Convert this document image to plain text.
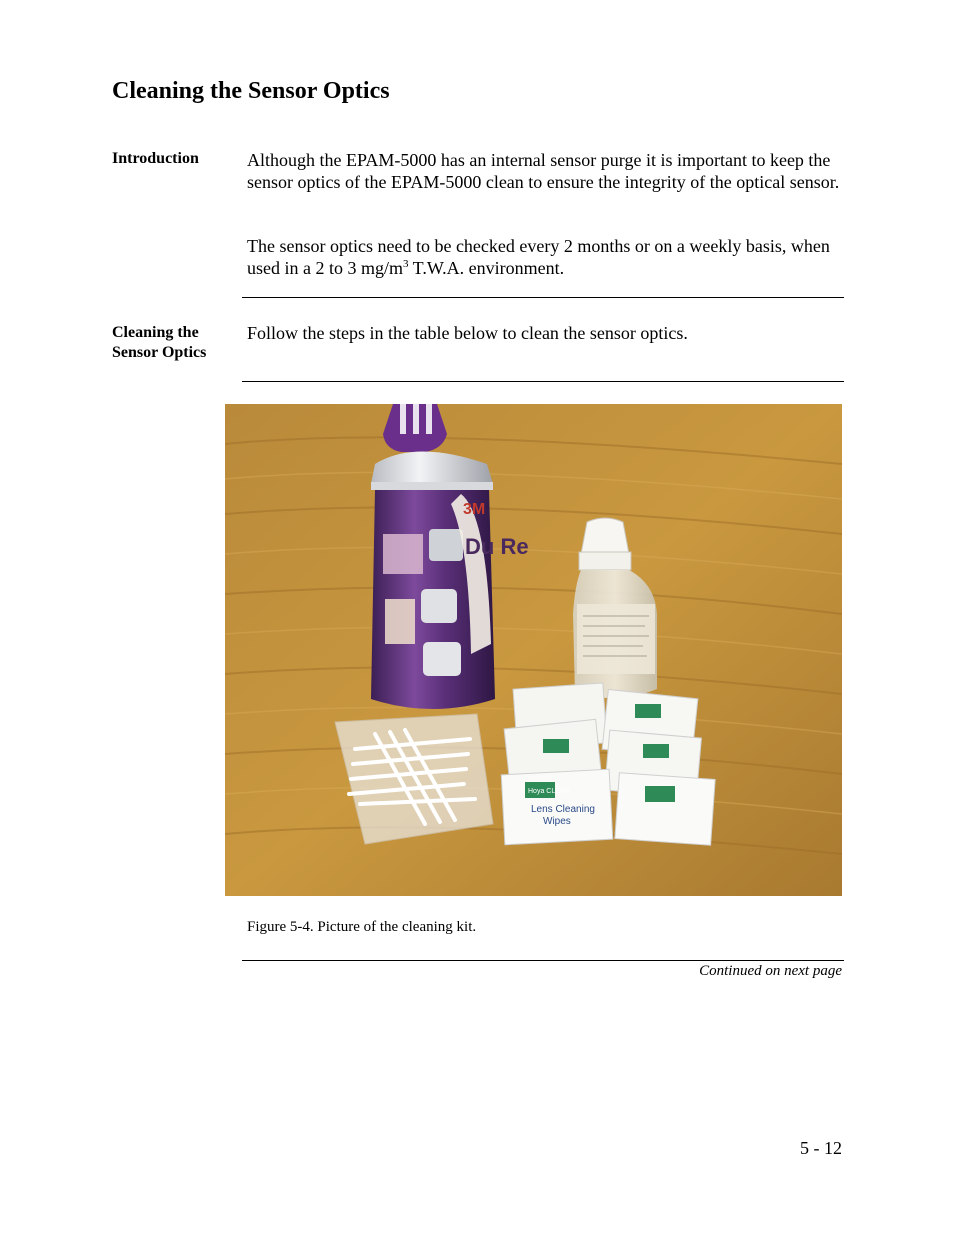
Cleaning the Sensor Optics
Introduction	Although the EPAM-5000 has an internal sensor purge it is important to keep the sensor optics of the EPAM-5000 clean to ensure the integrity of the optical sensor.
The sensor optics need to be checked every 2 months or on a weekly basis, when used in a 2 to 3 $mg/m^3$ T.W.A. environment.
Cleaning the
Sensor Optics
Follow the steps in the table below to clean the sensor optics.
3M
Du Re
Hoya CLEAN
Lens Cleaning
Wipes
Figure 5-4. Picture of the cleaning kit.
Continued on next page
5 - 12
